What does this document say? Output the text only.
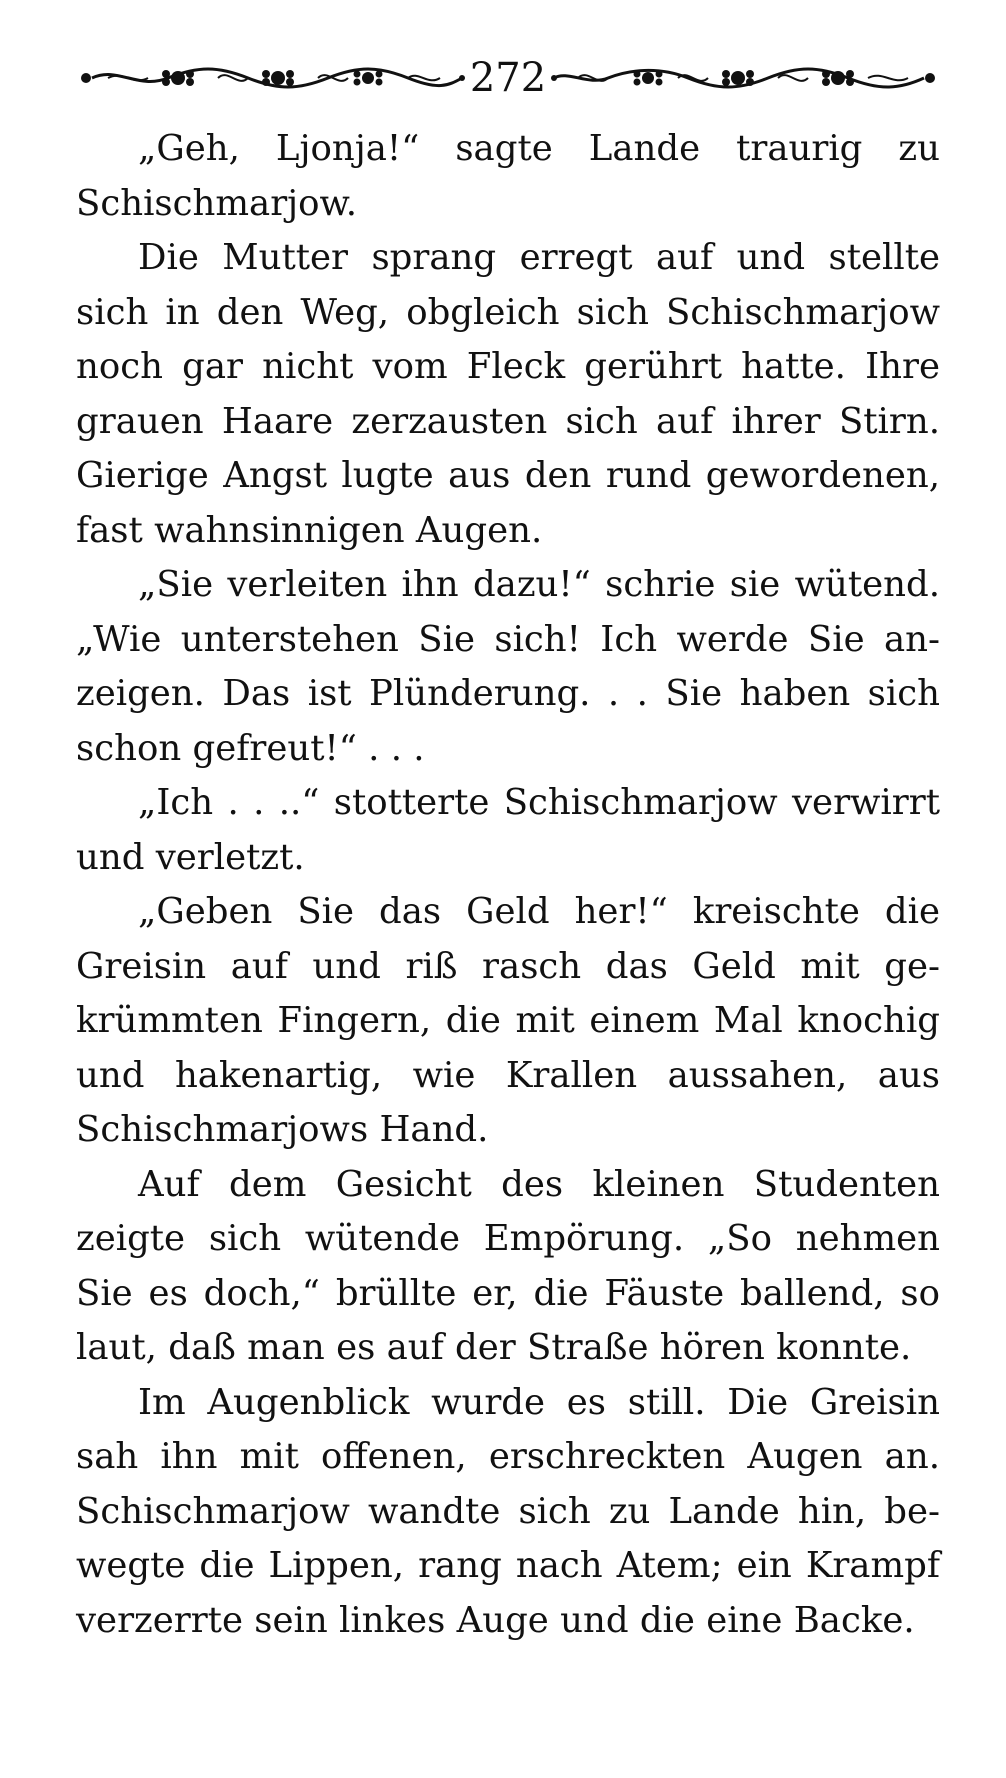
272

„Geh, Ljonja!“ sagte Lande traurig zu Schischmarjow.

Die Mutter sprang erregt auf und stellte sich in den Weg, obgleich sich Schischmarjow noch gar nicht vom Fleck gerührt hatte. Ihre grauen Haare zerzausten sich auf ihrer Stirn. Gierige Angst lugte aus den rund gewordenen, fast wahnsinnigen Augen.

„Sie verleiten ihn dazu!“ schrie sie wütend. „Wie unterstehen Sie sich! Ich werde Sie anzeigen. Das ist Plünderung. . . Sie haben sich schon gefreut!“ . . .

„Ich . . ..“ stotterte Schischmarjow verwirrt und verletzt.

„Geben Sie das Geld her!“ kreischte die Greisin auf und riß rasch das Geld mit gekrümmten Fingern, die mit einem Mal knochig und hakenartig, wie Krallen aussahen, aus Schischmarjows Hand.

Auf dem Gesicht des kleinen Studenten zeigte sich wütende Empörung. „So nehmen Sie es doch,“ brüllte er, die Fäuste ballend, so laut, daß man es auf der Straße hören konnte.

Im Augenblick wurde es still. Die Greisin sah ihn mit offenen, erschreckten Augen an. Schischmarjow wandte sich zu Lande hin, bewegte die Lippen, rang nach Atem; ein Krampf verzerrte sein linkes Auge und die eine Backe.
